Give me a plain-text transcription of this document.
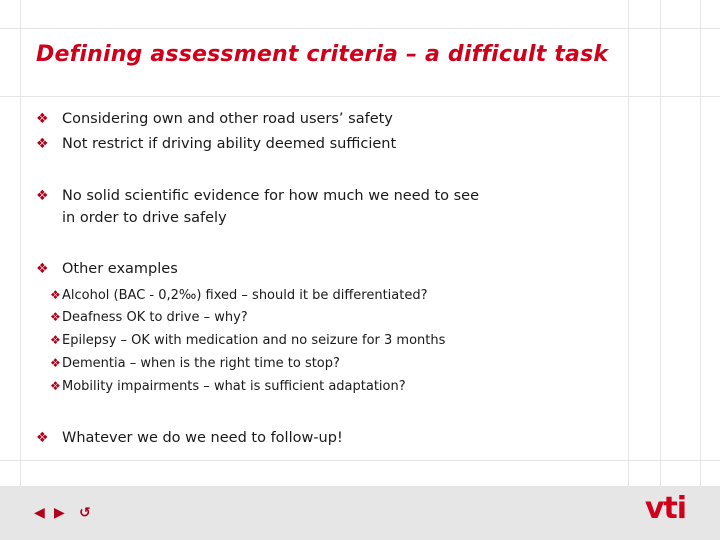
Defining assessment criteria – a difficult task
❖ Considering own and other road users’ safety
❖ Not restrict if driving ability deemed sufficient
❖ No solid scientific evidence for how much we need to see
in order to drive safely
❖ Other examples
❖Alcohol (BAC - 0,2‰) fixed – should it be differentiated?
❖Deafness OK to drive – why?
❖Epilepsy – OK with medication and no seizure for 3 months
❖Dementia – when is the right time to stop?
❖Mobility impairments – what is sufficient adaptation?
❖ Whatever we do we need to follow-up!
◀ ▶ ↺	vti
